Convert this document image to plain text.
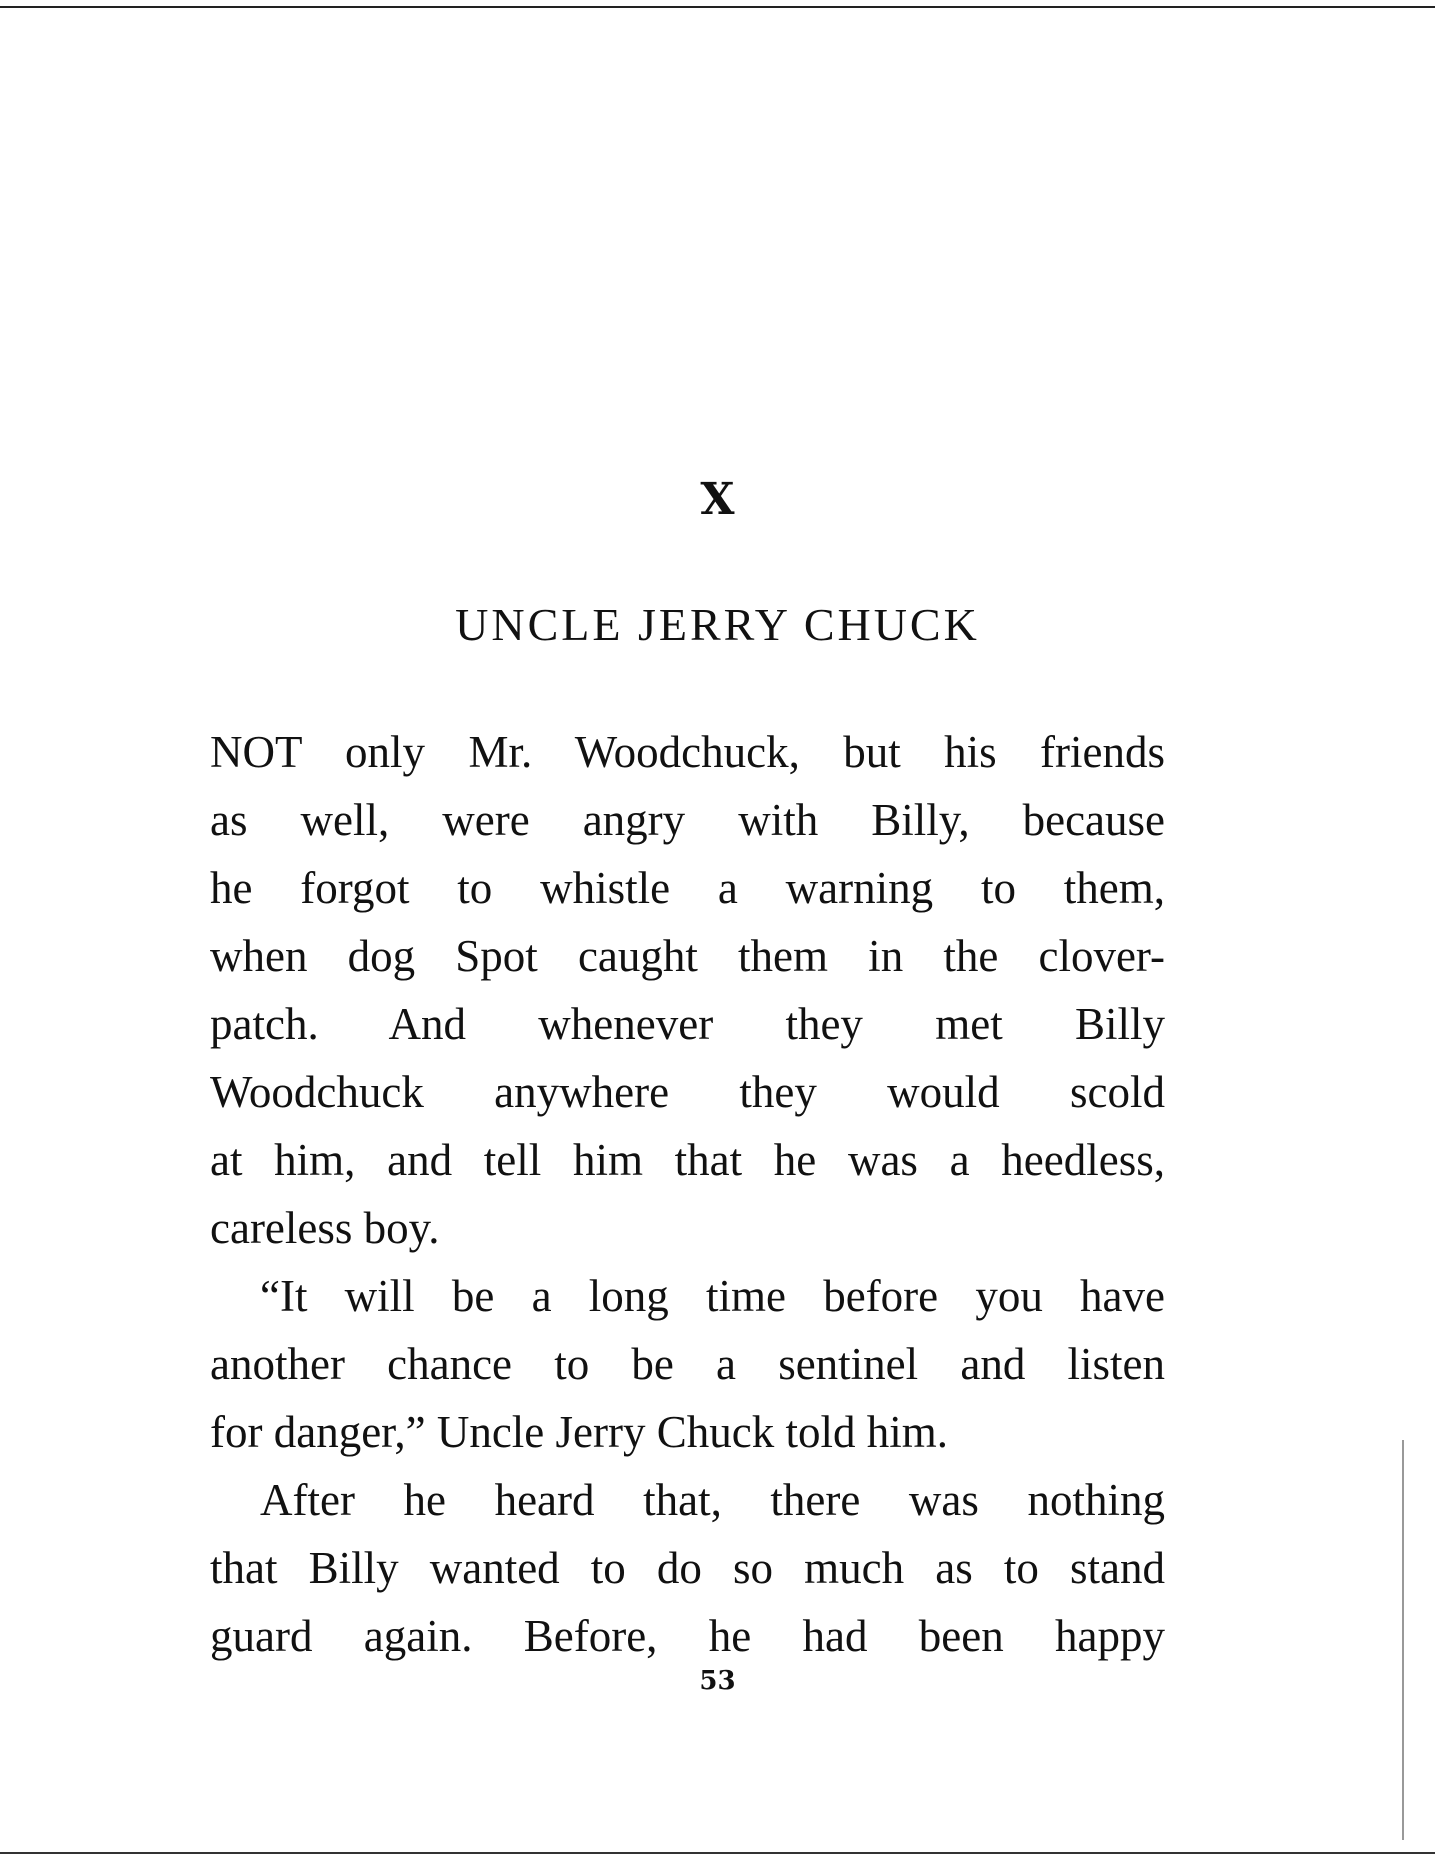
X
UNCLE JERRY CHUCK
NOT only Mr. Woodchuck, but his friends
as well, were angry with Billy, because
he forgot to whistle a warning to them,
when dog Spot caught them in the clover-
patch. And whenever they met Billy
Woodchuck anywhere they would scold
at him, and tell him that he was a heedless,
careless boy.
“It will be a long time before you have
another chance to be a sentinel and listen
for danger,” Uncle Jerry Chuck told him.
After he heard that, there was nothing
that Billy wanted to do so much as to stand
guard again. Before, he had been happy
53
